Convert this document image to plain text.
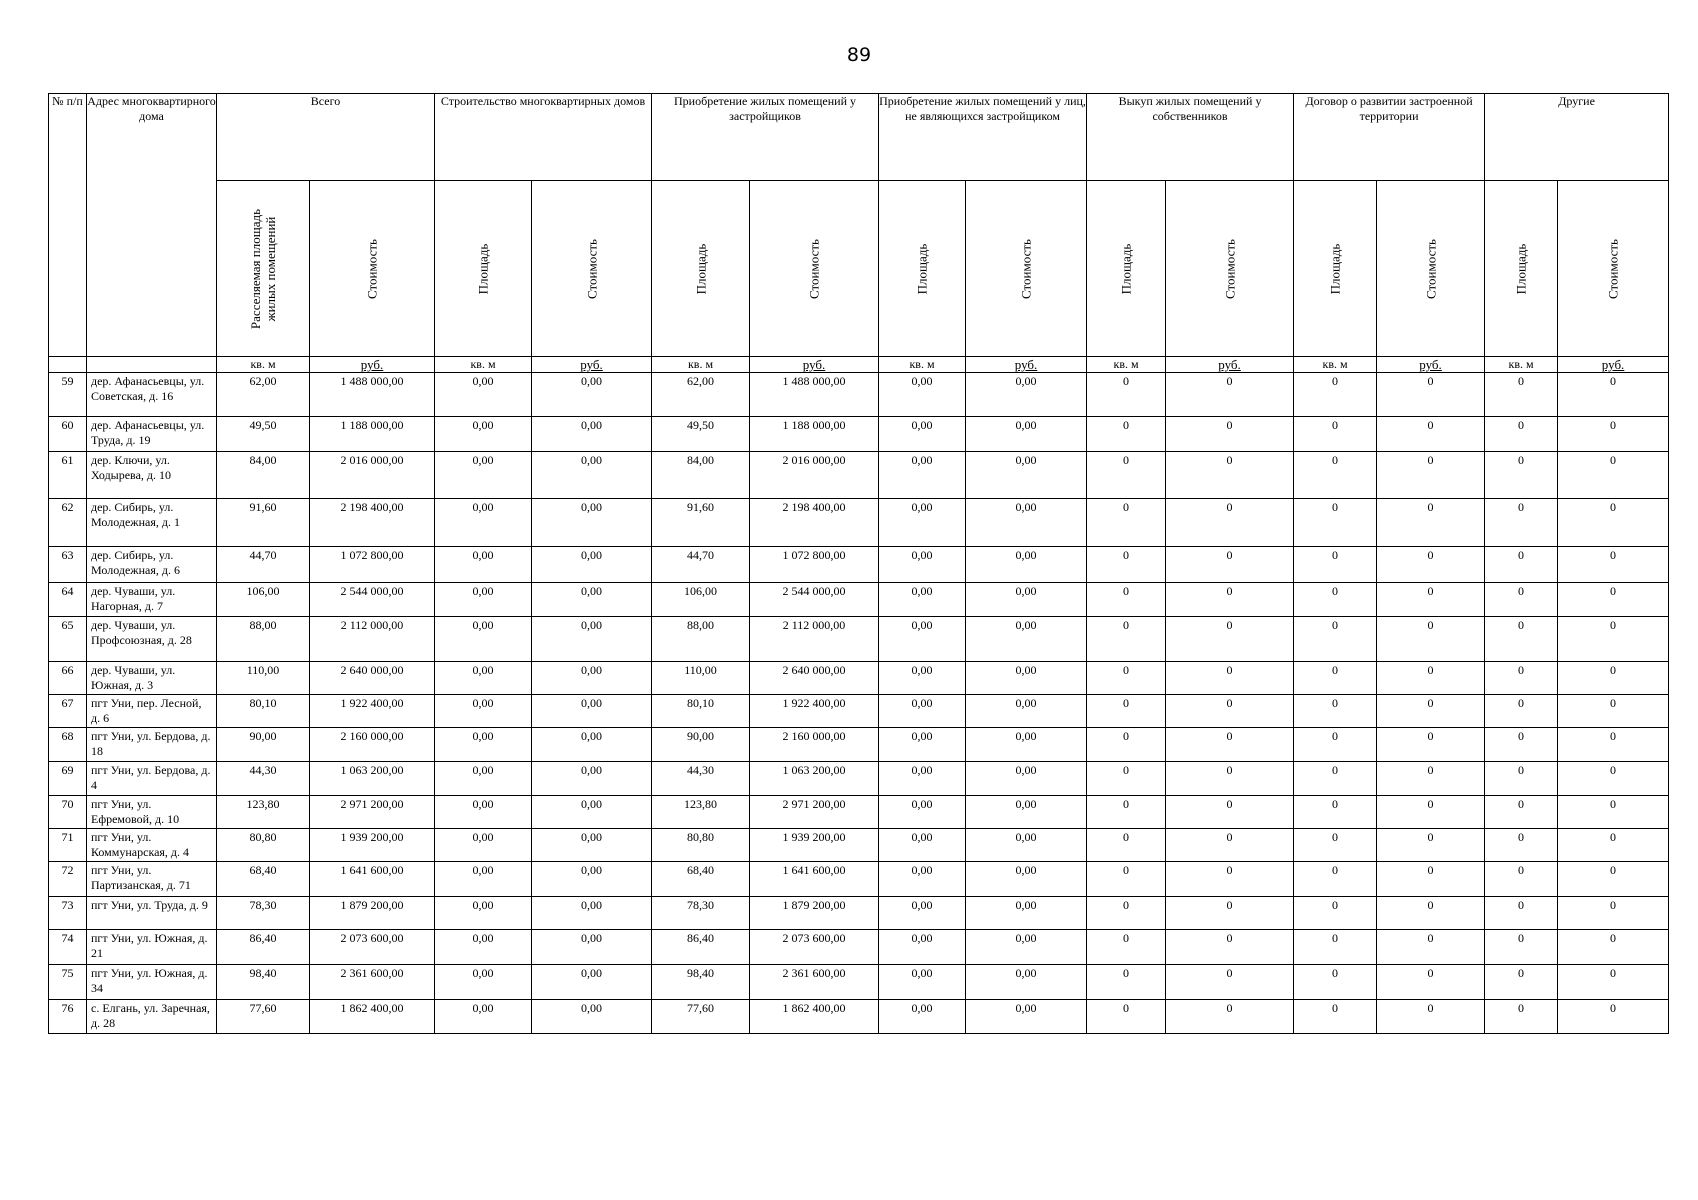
89
№ п/п	Адрес многоквартирного дома	Всего		Строительство многоквартирных домов		Приобретение жилых помещений у застройщиков		Приобретение жилых помещений у лиц, не являющихся застройщиком		Выкуп жилых помещений у собственников		Договор о развитии застроенной территории		Другие	

		Расселяемая площадь жилых помещений	Стоимость	Площадь	Стоимость	Площадь	Стоимость	Площадь	Стоимость	Площадь	Стоимость	Площадь	Стоимость	Площадь	Стоимость

		кв. м	руб.	кв. м	руб.	кв. м	руб.	кв. м	руб.	кв. м	руб.	кв. м	руб.	кв. м	руб.
59	дер. Афанасьевцы, ул. Советская, д. 16	62,00	1 488 000,00	0,00	0,00	62,00	1 488 000,00	0,00	0,00	0	0	0	0	0	0
60	дер. Афанасьевцы, ул. Труда, д. 19	49,50	1 188 000,00	0,00	0,00	49,50	1 188 000,00	0,00	0,00	0	0	0	0	0	0
61	дер. Ключи, ул. Ходырева, д. 10	84,00	2 016 000,00	0,00	0,00	84,00	2 016 000,00	0,00	0,00	0	0	0	0	0	0
62	дер. Сибирь, ул. Молодежная, д. 1	91,60	2 198 400,00	0,00	0,00	91,60	2 198 400,00	0,00	0,00	0	0	0	0	0	0
63	дер. Сибирь, ул. Молодежная, д. 6	44,70	1 072 800,00	0,00	0,00	44,70	1 072 800,00	0,00	0,00	0	0	0	0	0	0
64	дер. Чуваши, ул. Нагорная, д. 7	106,00	2 544 000,00	0,00	0,00	106,00	2 544 000,00	0,00	0,00	0	0	0	0	0	0
65	дер. Чуваши, ул. Профсоюзная, д. 28	88,00	2 112 000,00	0,00	0,00	88,00	2 112 000,00	0,00	0,00	0	0	0	0	0	0
66	дер. Чуваши, ул. Южная, д. 3	110,00	2 640 000,00	0,00	0,00	110,00	2 640 000,00	0,00	0,00	0	0	0	0	0	0
67	пгт Уни, пер. Лесной, д. 6	80,10	1 922 400,00	0,00	0,00	80,10	1 922 400,00	0,00	0,00	0	0	0	0	0	0
68	пгт Уни, ул. Бердова, д. 18	90,00	2 160 000,00	0,00	0,00	90,00	2 160 000,00	0,00	0,00	0	0	0	0	0	0
69	пгт Уни, ул. Бердова, д. 4	44,30	1 063 200,00	0,00	0,00	44,30	1 063 200,00	0,00	0,00	0	0	0	0	0	0
70	пгт Уни, ул. Ефремовой, д. 10	123,80	2 971 200,00	0,00	0,00	123,80	2 971 200,00	0,00	0,00	0	0	0	0	0	0
71	пгт Уни, ул. Коммунарская, д. 4	80,80	1 939 200,00	0,00	0,00	80,80	1 939 200,00	0,00	0,00	0	0	0	0	0	0
72	пгт Уни, ул. Партизанская, д. 71	68,40	1 641 600,00	0,00	0,00	68,40	1 641 600,00	0,00	0,00	0	0	0	0	0	0
73	пгт Уни, ул. Труда, д. 9	78,30	1 879 200,00	0,00	0,00	78,30	1 879 200,00	0,00	0,00	0	0	0	0	0	0
74	пгт Уни, ул. Южная, д. 21	86,40	2 073 600,00	0,00	0,00	86,40	2 073 600,00	0,00	0,00	0	0	0	0	0	0
75	пгт Уни, ул. Южная, д. 34	98,40	2 361 600,00	0,00	0,00	98,40	2 361 600,00	0,00	0,00	0	0	0	0	0	0
76	с. Елгань, ул. Заречная, д. 28	77,60	1 862 400,00	0,00	0,00	77,60	1 862 400,00	0,00	0,00	0	0	0	0	0	0
